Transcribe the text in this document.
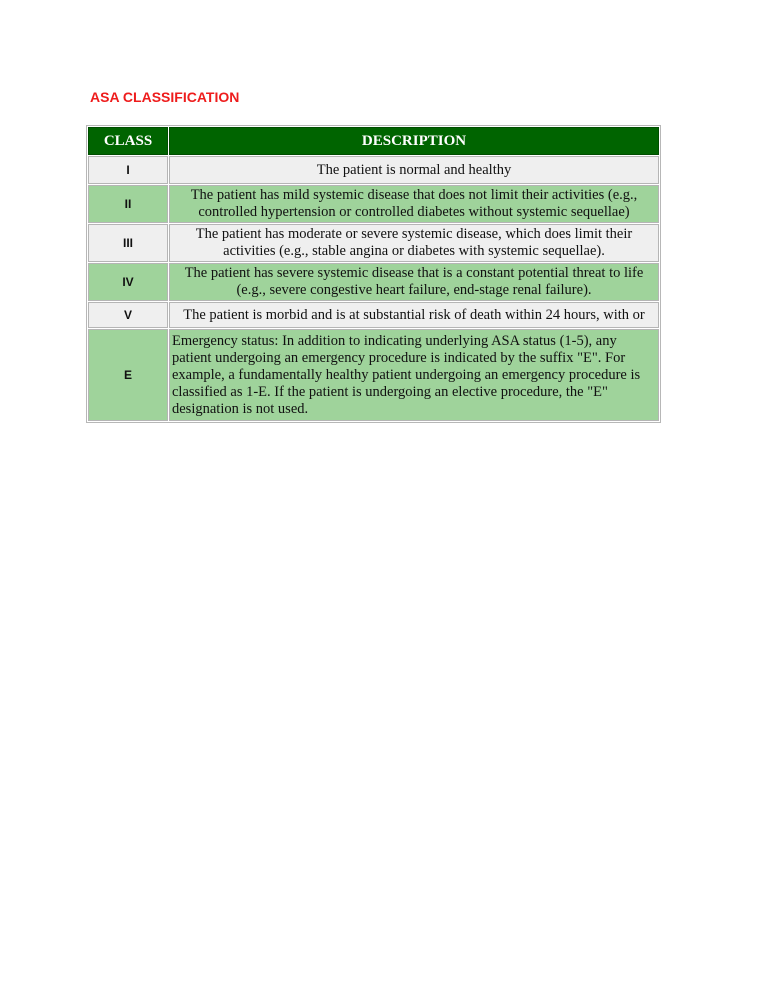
ASA CLASSIFICATION
CLASS	DESCRIPTION
I	The patient is normal and healthy
II	The patient has mild systemic disease that does not limit their activities (e.g., controlled hypertension or controlled diabetes without systemic sequellae)
III	The patient has moderate or severe systemic disease, which does limit their activities (e.g., stable angina or diabetes with systemic sequellae).
IV	The patient has severe systemic disease that is a constant potential threat to life (e.g., severe congestive heart failure, end-stage renal failure).
V	The patient is morbid and is at substantial risk of death within 24 hours, with or
E	Emergency status: In addition to indicating underlying ASA status (1-5), any patient undergoing an emergency procedure is indicated by the suffix "E". For example, a fundamentally healthy patient undergoing an emergency procedure is classified as 1-E. If the patient is undergoing an elective procedure, the "E" designation is not used.
